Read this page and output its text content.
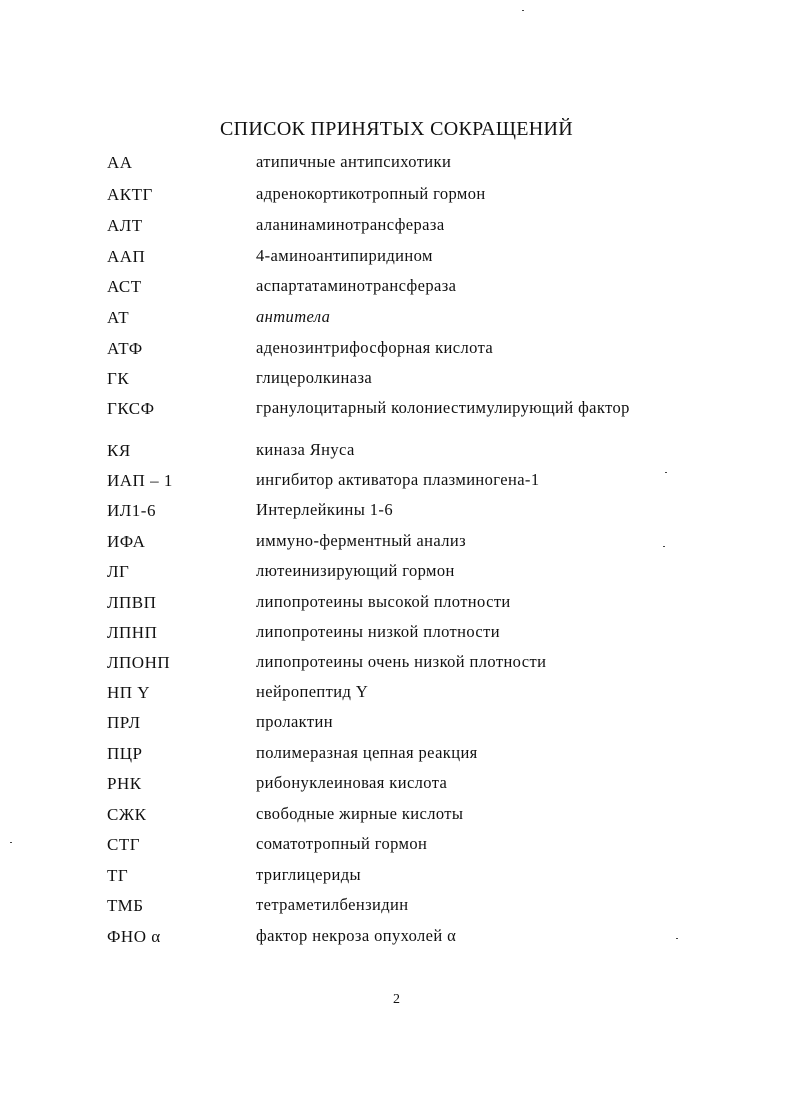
СПИСОК ПРИНЯТЫХ СОКРАЩЕНИЙ
АА	атипичные антипсихотики
АКТГ	адренокортикотропный гормон
АЛТ	аланинаминотрансфераза
ААП	4-аминоантипиридином
АСТ	аспартатаминотрансфераза
АТ	антитела
АТФ	аденозинтрифосфорная кислота
ГК	глицеролкиназа
ГКСФ	гранулоцитарный колониестимулирующий фактор
КЯ	киназа Януса
ИАП – 1	ингибитор активатора плазминогена-1
ИЛ1-6	Интерлейкины 1-6
ИФА	иммуно-ферментный анализ
ЛГ	лютеинизирующий гормон
ЛПВП	липопротеины высокой плотности
ЛПНП	липопротеины низкой плотности
ЛПОНП	липопротеины очень низкой плотности
НП Y	нейропептид Y
ПРЛ	пролактин
ПЦР	полимеразная цепная реакция
РНК	рибонуклеиновая кислота
СЖК	свободные жирные кислоты
СТГ	соматотропный гормон
ТГ	триглицериды
ТМБ	тетраметилбензидин
ФНО α	фактор некроза опухолей α
2
